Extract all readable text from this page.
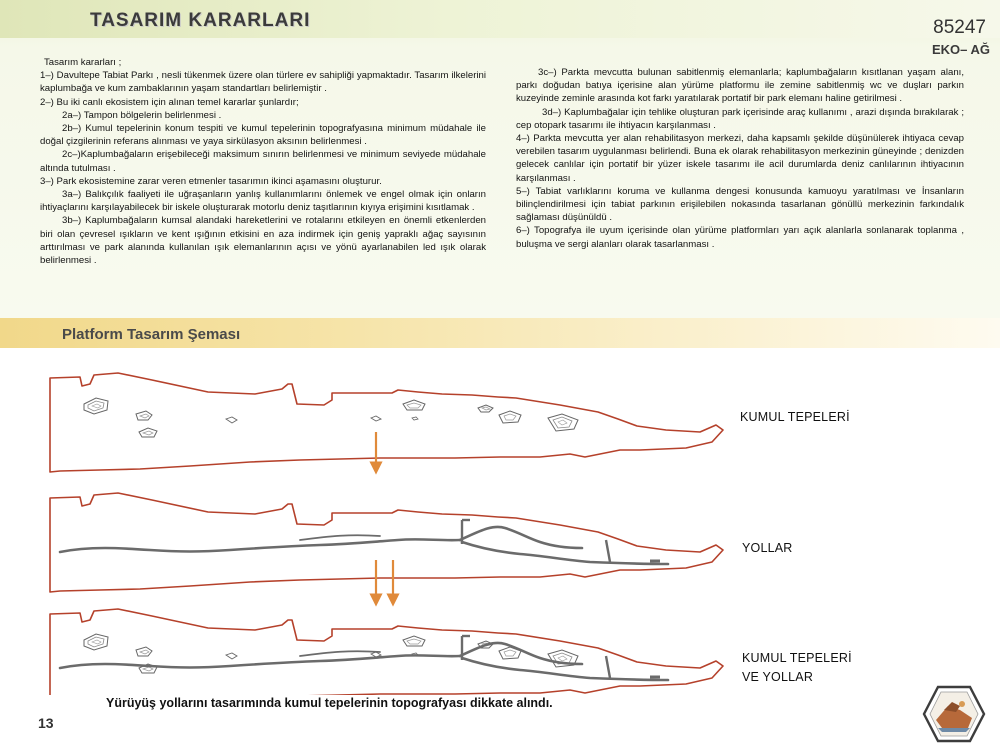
TASARIM KARARLARI	85247
EKO– AĞ

Tasarım kararları ;

1–) Davultepe Tabiat Parkı , nesli tükenmek üzere olan türlere ev sahipliği yapmaktadır. Tasarım ilkelerini kaplumbağa ve kum zambaklarının yaşam standartları belirlemiştir .

2–) Bu iki canlı ekosistem için alınan temel kararlar şunlardır;

2a–) Tampon bölgelerin belirlenmesi .

2b–) Kumul tepelerinin konum tespiti ve kumul tepelerinin topografyasına minimum müdahale ile doğal çizgilerinin referans alınması ve yaya sirkülasyon aksının belirlenmesi .

2c–)Kaplumbağaların erişebileceği maksimum sınırın belirlenmesi ve minimum seviyede müdahale altında tutulması .

3–) Park ekosistemine zarar veren etmenler tasarımın ikinci aşamasını oluşturur.

3a–) Balıkçılık faaliyeti ile uğraşanların yanlış kullanımlarını önlemek ve engel olmak için onların ihtiyaçlarını karşılayabilecek bir iskele oluşturarak motorlu deniz taşıtlarının kıyıya erişimini kısıtlamak .

3b–) Kaplumbağaların kumsal alandaki hareketlerini ve rotalarını etkileyen en önemli etkenlerden biri olan çevresel ışıkların ve kent ışığının etkisini en aza indirmek için geniş yapraklı ağaç sayısının arttırılması ve park alanında kullanılan ışık elemanlarının açısı ve yönü ayarlanabilen led ışık olarak belirlenmesi .

3c–) Parkta mevcutta bulunan sabitlenmiş elemanlarla; kaplumbağaların kısıtlanan yaşam alanı, parkı doğudan batıya içerisine alan yürüme platformu ile zemine sabitlenmiş wc ve duşları parkın kuzeyinde zeminle arasında kot farkı yaratılarak portatif bir park elemanı haline getirilmesi .

3d–) Kaplumbağalar için tehlike oluşturan park içerisinde araç kullanımı , arazi dışında bırakılarak ; cep otopark tasarımı ile ihtiyacın karşılanması .

4–) Parkta mevcutta yer alan rehabilitasyon merkezi, daha kapsamlı şekilde düşünülerek ihtiyaca cevap verebilen tasarım uygulanması belirlendi. Buna ek olarak rehabilitasyon merkezinin güneyinde ; denizden gelecek canlılar için portatif bir yüzer iskele tasarımı ile acil durumlarda deniz canlılarının ihtiyacının karşılanması .

5–) Tabiat varlıklarını koruma ve kullanma dengesi konusunda kamuoyu yaratılması ve İnsanların bilinçlendirilmesi için tabiat parkının erişilebilen nokasında tasarlanan gönüllü merkezinin farkındalık sağlaması düşünüldü .

6–) Topografya ile uyum içerisinde olan yürüme platformları yarı açık alanlarla sonlanarak toplanma , buluşma ve sergi alanları olarak tasarlanması .

Platform Tasarım Şeması
KUMUL TEPELERİ
YOLLAR
KUMUL TEPELERİ
VE YOLLAR
Yürüyüş yollarını tasarımında kumul tepelerinin topografyası dikkate alındı.
13
